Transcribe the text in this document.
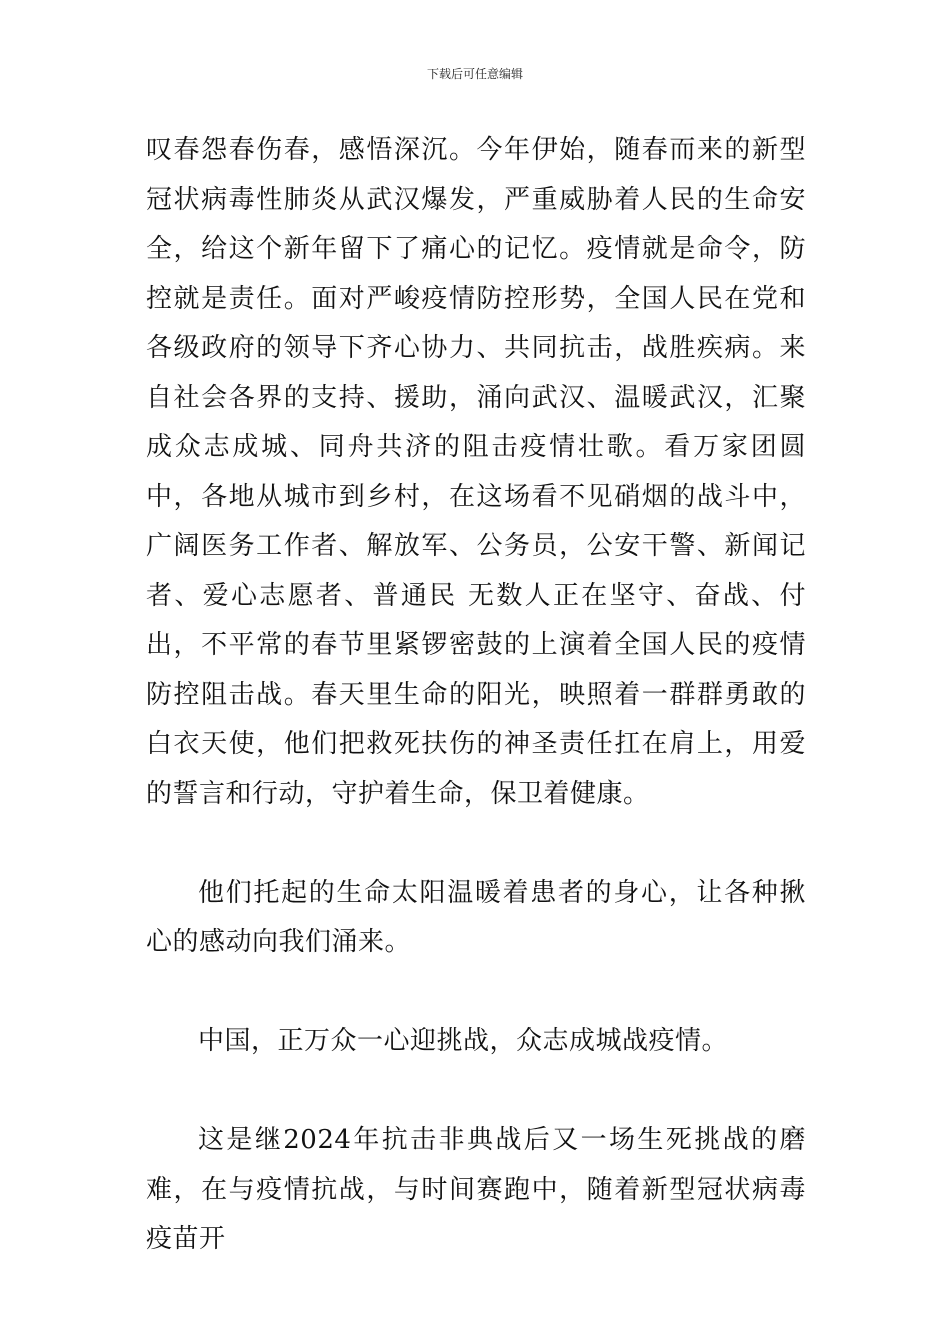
下载后可任意编辑

叹春怨春伤春，感悟深沉。今年伊始，随春而来的新型冠状病毒性肺炎从武汉爆发，严重威胁着人民的生命安全，给这个新年留下了痛心的记忆。疫情就是命令，防控就是责任。面对严峻疫情防控形势，全国人民在党和各级政府的领导下齐心协力、共同抗击，战胜疾病。来自社会各界的支持、援助，涌向武汉、温暖武汉，汇聚成众志成城、同舟共济的阻击疫情壮歌。看万家团圆中，各地从城市到乡村，在这场看不见硝烟的战斗中，广阔医务工作者、解放军、公务员，公安干警、新闻记者、爱心志愿者、普通民 无数人正在坚守、奋战、付出，不平常的春节里紧锣密鼓的上演着全国人民的疫情防控阻击战。春天里生命的阳光，映照着一群群勇敢的白衣天使，他们把救死扶伤的神圣责任扛在肩上，用爱的誓言和行动，守护着生命，保卫着健康。

他们托起的生命太阳温暖着患者的身心，让各种揪心的感动向我们涌来。

中国，正万众一心迎挑战，众志成城战疫情。

这是继2024年抗击非典战后又一场生死挑战的磨难，在与疫情抗战，与时间赛跑中，随着新型冠状病毒疫苗开
